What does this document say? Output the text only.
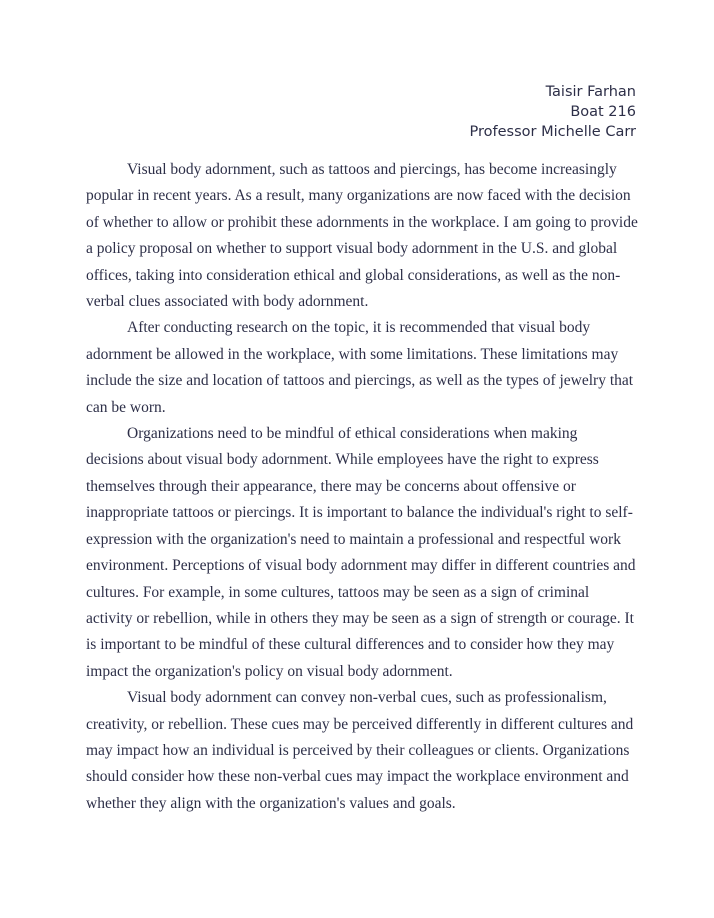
Taisir Farhan
Boat 216
Professor Michelle Carr

Visual body adornment, such as tattoos and piercings, has become increasingly popular in recent years. As a result, many organizations are now faced with the decision of whether to allow or prohibit these adornments in the workplace. I am going to provide a policy proposal on whether to support visual body adornment in the U.S. and global offices, taking into consideration ethical and global considerations, as well as the non-verbal clues associated with body adornment.

After conducting research on the topic, it is recommended that visual body adornment be allowed in the workplace, with some limitations. These limitations may include the size and location of tattoos and piercings, as well as the types of jewelry that can be worn.

Organizations need to be mindful of ethical considerations when making decisions about visual body adornment. While employees have the right to express themselves through their appearance, there may be concerns about offensive or inappropriate tattoos or piercings. It is important to balance the individual's right to self-expression with the organization's need to maintain a professional and respectful work environment. Perceptions of visual body adornment may differ in different countries and cultures. For example, in some cultures, tattoos may be seen as a sign of criminal activity or rebellion, while in others they may be seen as a sign of strength or courage. It is important to be mindful of these cultural differences and to consider how they may impact the organization's policy on visual body adornment.

Visual body adornment can convey non-verbal cues, such as professionalism, creativity, or rebellion. These cues may be perceived differently in different cultures and may impact how an individual is perceived by their colleagues or clients. Organizations should consider how these non-verbal cues may impact the workplace environment and whether they align with the organization's values and goals.
